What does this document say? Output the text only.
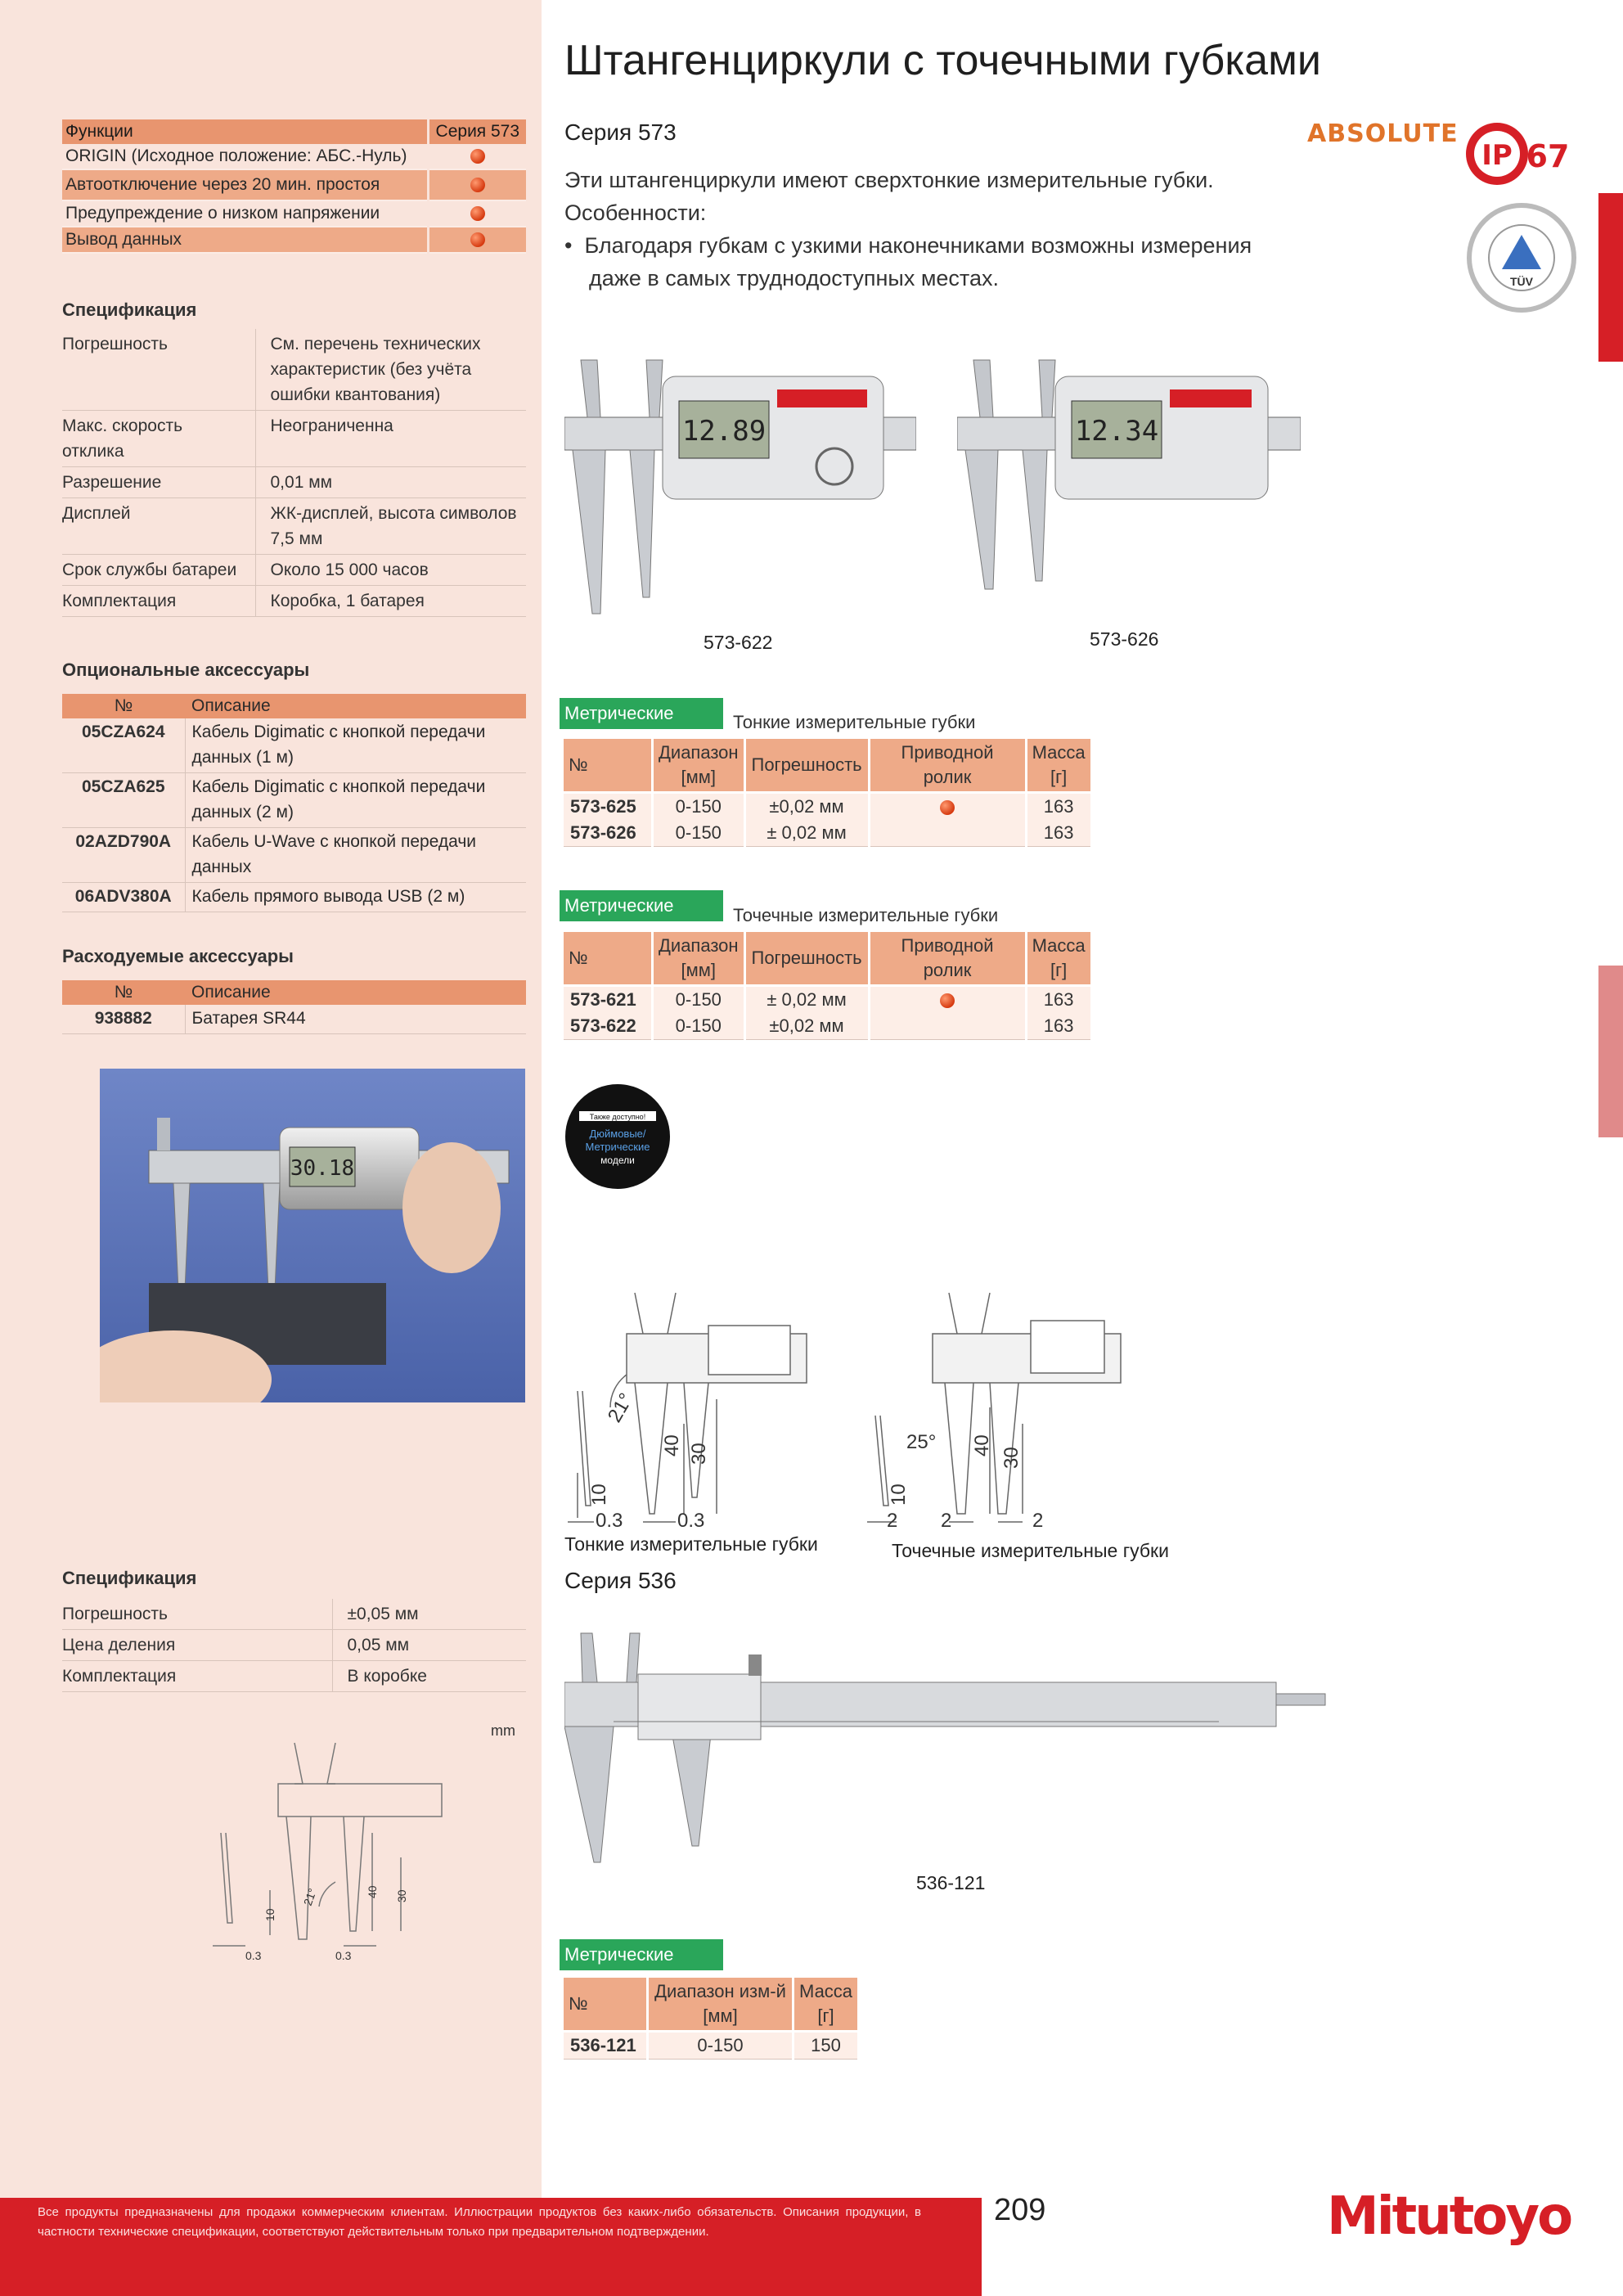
Функции	Серия 573
ORIGIN (Исходное положение: АБС.-Нуль)	
Автоотключение через 20 мин. простоя	
Предупреждение о низком напряжении	
Вывод данных	
Спецификация
Погрешность	См. перечень технических характеристик (без учёта ошибки квантования)
Макс. скорость отклика	Неограниченна
Разрешение	0,01 мм
Дисплей	ЖК-дисплей, высота символов 7,5 мм
Срок службы батареи	Около 15 000 часов
Комплектация	Коробка, 1 батарея
Опциональные аксессуары
№	Описание
05CZA624	Кабель Digimatic с кнопкой передачи данных (1 м)
05CZA625	Кабель Digimatic с кнопкой передачи данных (2 м)
02AZD790A	Кабель U-Wave с кнопкой передачи данных
06ADV380A	Кабель прямого вывода USB (2 м)
Расходуемые аксессуары
№	Описание
938882	Батарея SR44
30.18
Спецификация
Погрешность	±0,05 мм
Цена деления	0,05 мм
Комплектация	В коробке
mm
21°	40 30
10
0.3	0.3
Штангенциркули с точечными губками
Серия 573	ABSOLUTE
IP 67
TÜV
Эти штангенциркули имеют сверхтонкие измерительные губки. Особенности:
•  Благодаря губкам с узкими наконечниками возможны измерения даже в самых труднодоступных местах.
12.89
573-622
12.34
573-626
Метрические	Тонкие измерительные губки
№	Диапазон [мм]	Погрешность	Приводной ролик	Масса [г]
573-625	0-150	±0,02 мм		163
573-626	0-150	± 0,02 мм		163
Метрические	Точечные измерительные губки
№	Диапазон [мм]	Погрешность	Приводной ролик	Масса [г]
573-621	0-150	± 0,02 мм		163
573-622	0-150	±0,02 мм		163
Также доступно!
Дюймовые/
Метрические
модели
21°
40 30
10
0.3	0.3
Тонкие измерительные губки
25° 40
30
10
2 2	2
Точечные измерительные губки
Серия 536
536-121
Метрические
№	Диапазон изм-й [мм]	Масса [г]
536-121	0-150	150
Все продукты предназначены для продажи коммерческим клиентам. Иллюстрации продуктов без каких-либо обязательств. Описания продукции, в частности технические спецификации, соответствуют действительным только при предварительном подтверждении.
209	Mitutoyo
